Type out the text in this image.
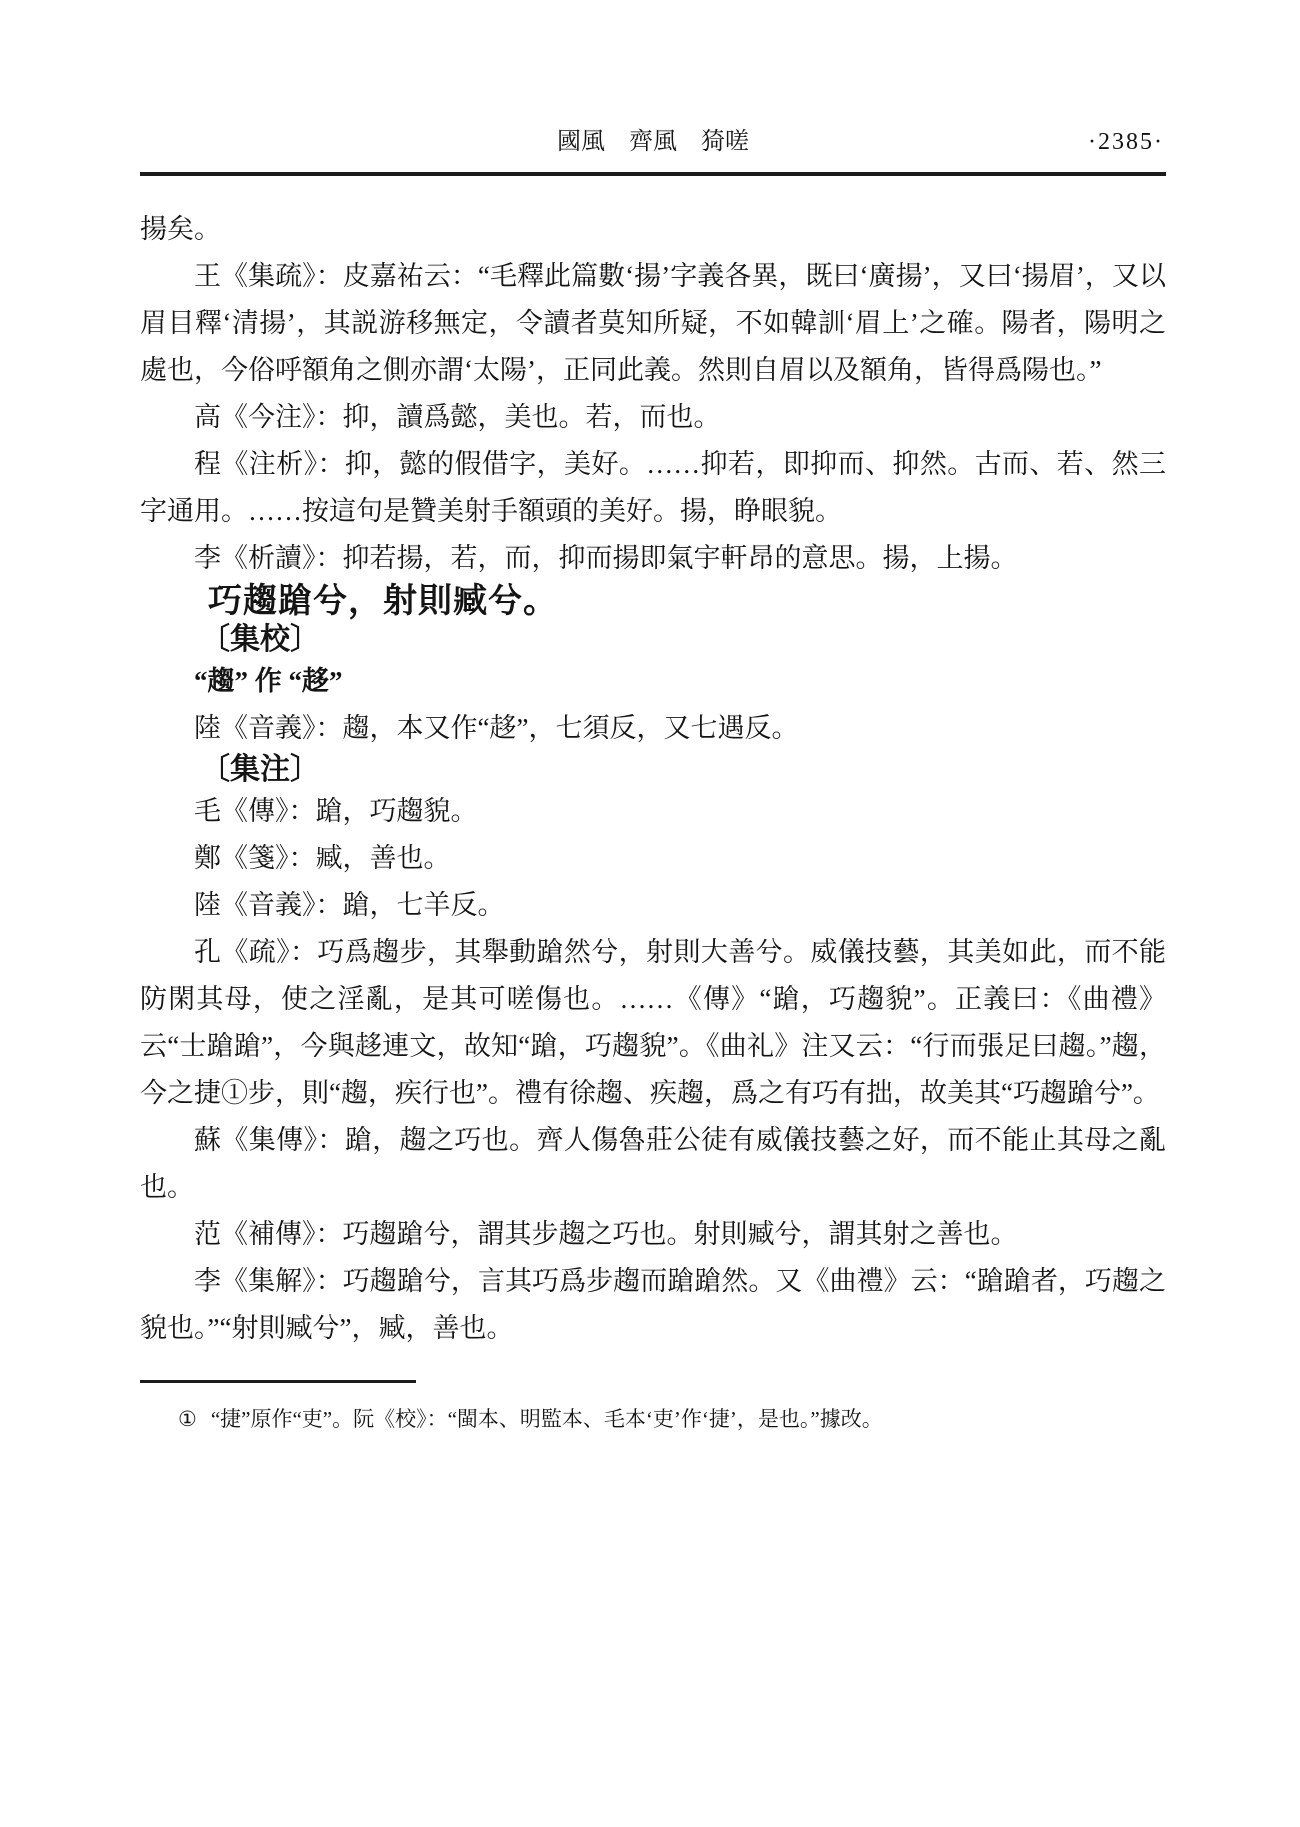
國風　齊風　猗嗟	·2385·

揚矣。

王《集疏》：皮嘉祐云：“毛釋此篇數‘揚’字義各異，既曰‘廣揚’，又曰‘揚眉’，又以眉目釋‘清揚’，其説游移無定，令讀者莫知所疑，不如韓訓‘眉上’之確。陽者，陽明之處也，今俗呼額角之側亦謂‘太陽’，正同此義。然則自眉以及額角，皆得爲陽也。”

高《今注》：抑，讀爲懿，美也。若，而也。

程《注析》：抑，懿的假借字，美好。……抑若，即抑而、抑然。古而、若、然三字通用。……按這句是贊美射手額頭的美好。揚，睁眼貌。

李《析讀》：抑若揚，若，而，抑而揚即氣宇軒昂的意思。揚，上揚。

巧趨蹌兮，射則臧兮。

〔集校〕

“趨” 作 “趍”

陸《音義》：趨，本又作“趍”，七須反，又七遇反。

〔集注〕

毛《傳》：蹌，巧趨貌。

鄭《箋》：臧，善也。

陸《音義》：蹌，七羊反。

孔《疏》：巧爲趨步，其舉動蹌然兮，射則大善兮。威儀技藝，其美如此，而不能防閑其母，使之淫亂，是其可嗟傷也。……《傳》“蹌，巧趨貌”。正義曰：《曲禮》云“士蹌蹌”，今與趍連文，故知“蹌，巧趨貌”。《曲礼》注又云：“行而張足曰趨。”趨，今之捷①步，則“趨，疾行也”。禮有徐趨、疾趨，爲之有巧有拙，故美其“巧趨蹌兮”。

蘇《集傳》：蹌，趨之巧也。齊人傷魯莊公徒有威儀技藝之好，而不能止其母之亂也。

范《補傳》：巧趨蹌兮，謂其步趨之巧也。射則臧兮，謂其射之善也。

李《集解》：巧趨蹌兮，言其巧爲步趨而蹌蹌然。又《曲禮》云：“蹌蹌者，巧趨之貌也。”“射則臧兮”，臧，善也。

① “捷”原作“吏”。阮《校》：“閩本、明監本、毛本‘吏’作‘捷’，是也。”據改。
